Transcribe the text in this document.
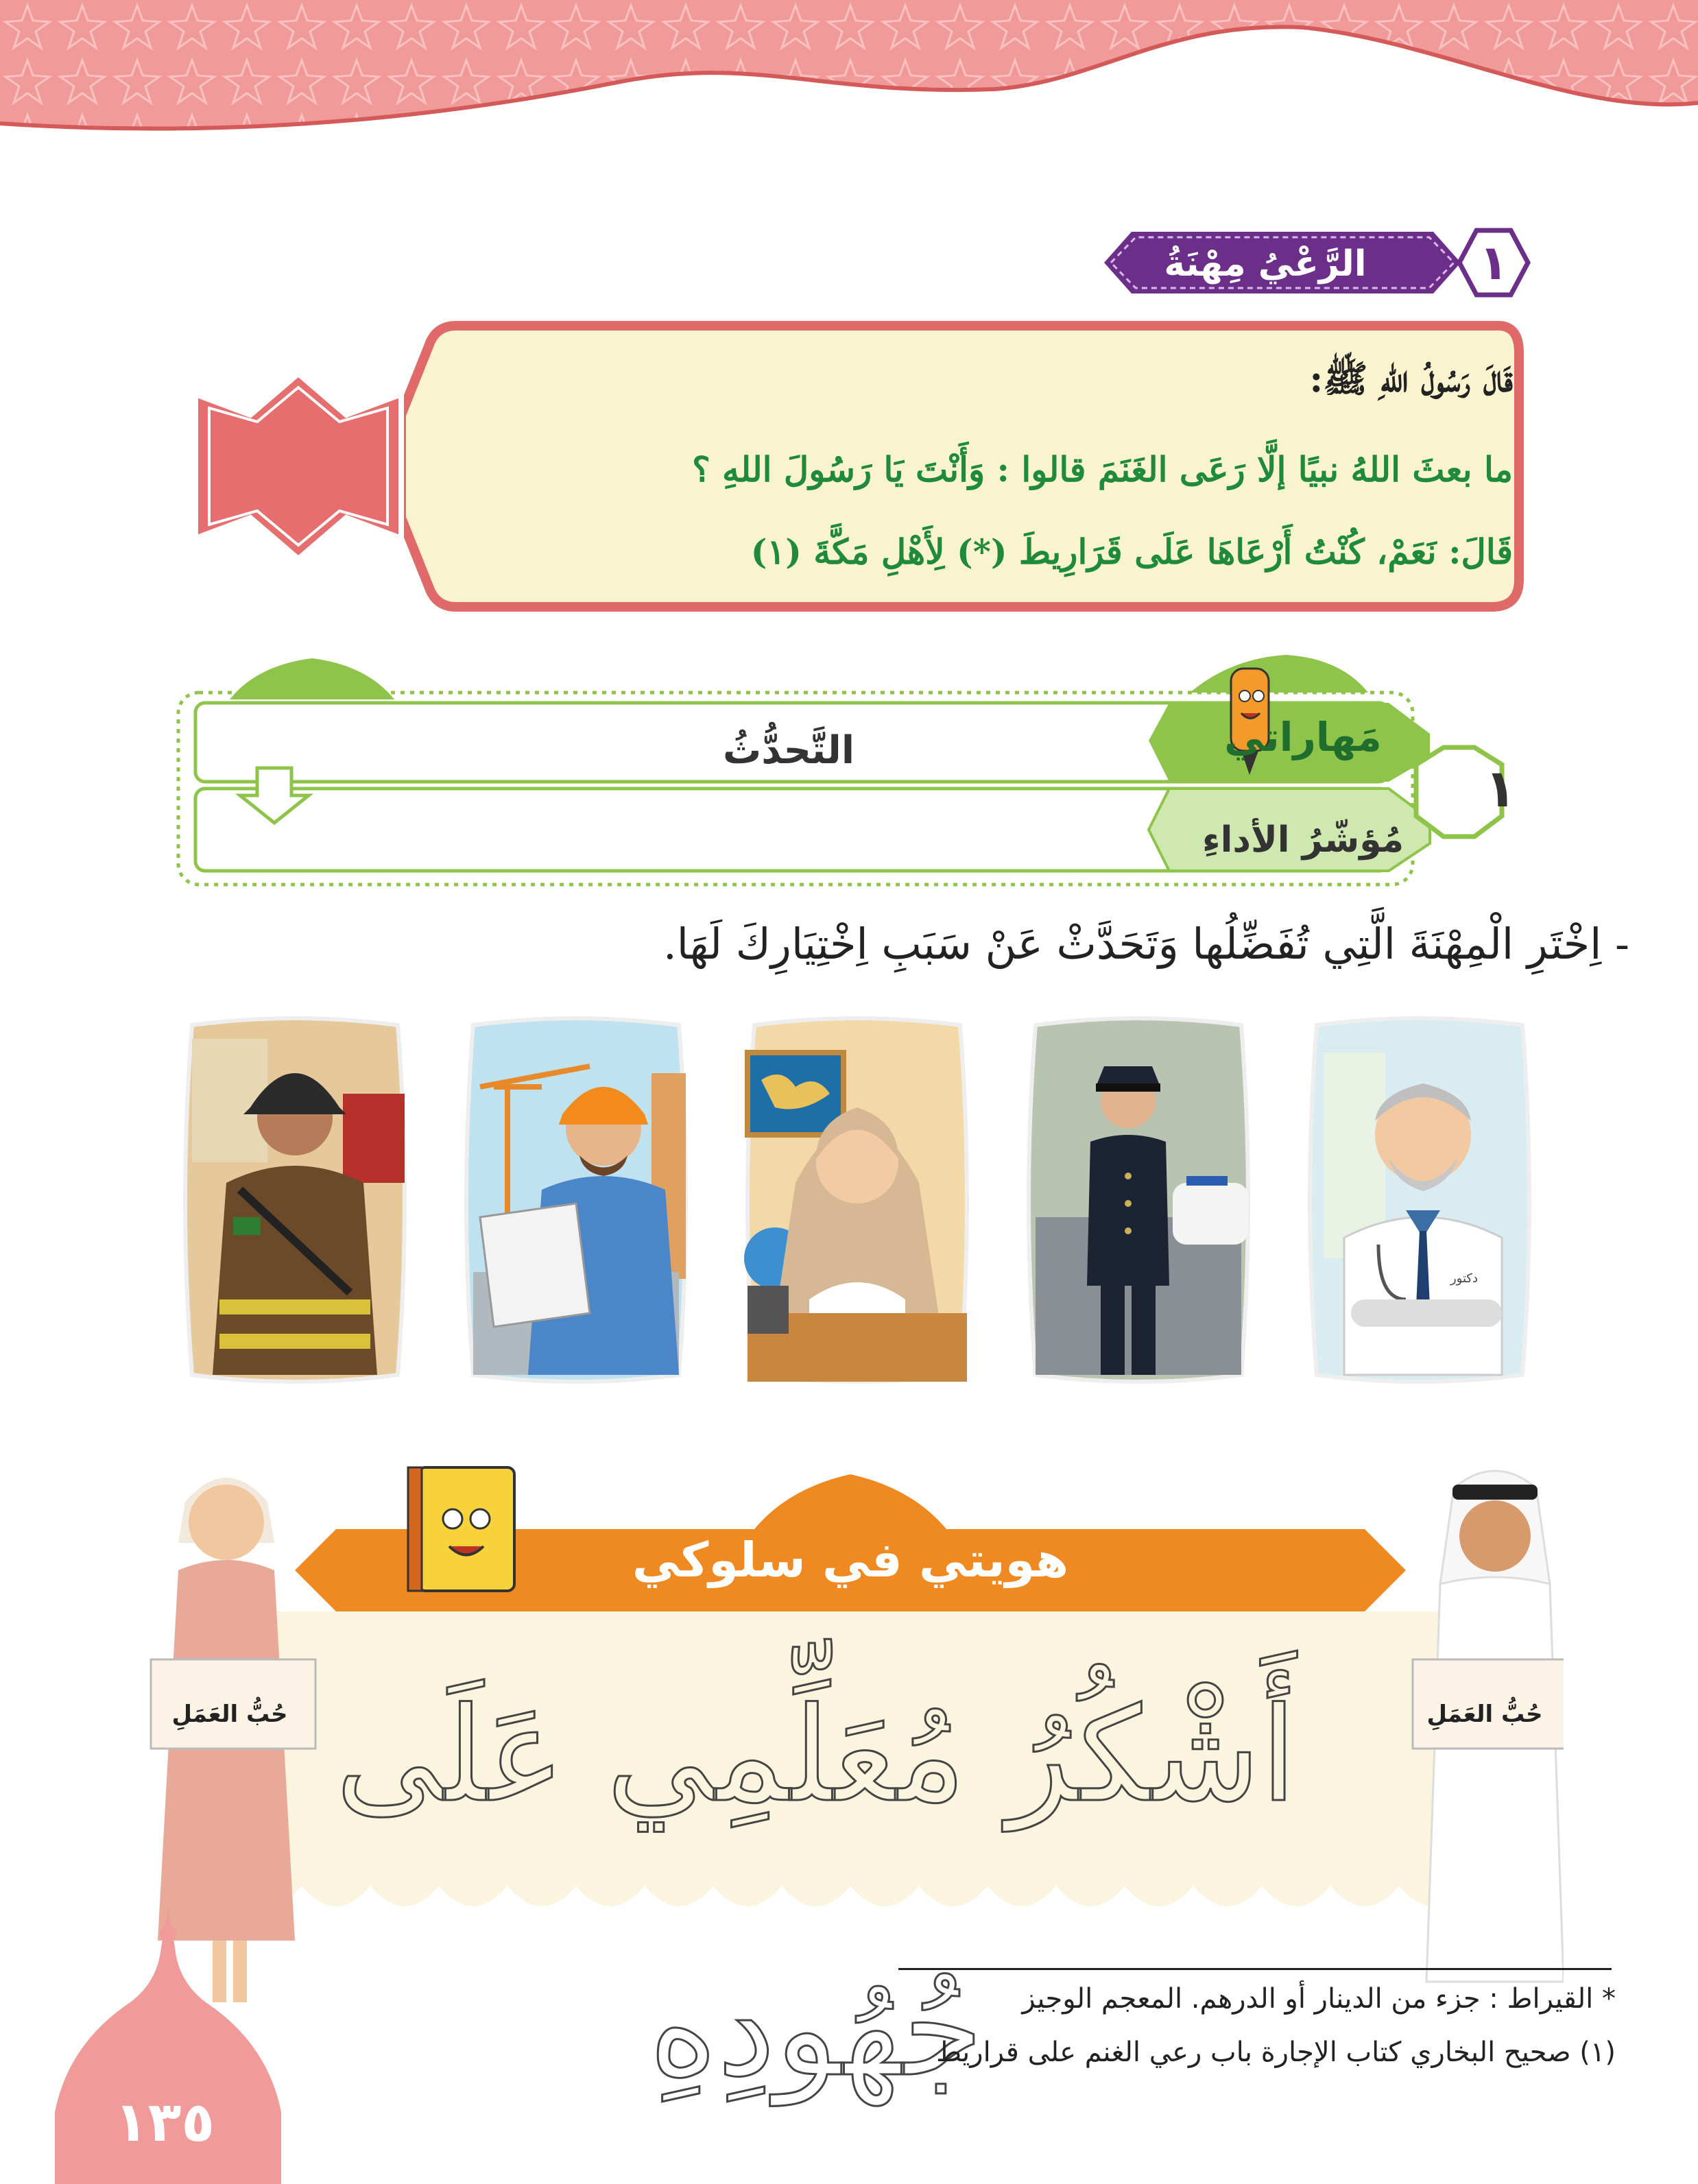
الرَّعْيُ مِهْنَةُ	١
قَالَ رَسُولُ اللهِ ﷺ:
ما بعثَ اللهُ نبيًا إلَّا رَعَى الغَنَمَ قالوا : وَأَنْتَ يَا رَسُولَ اللهِ ؟
قَالَ: نَعَمْ، كُنْتُ أَرْعَاهَا عَلَى قَرَارِيطَ (*) لِأَهْلِ مَكَّةَ (١)
مَهاراتي
التَّحدُّثُ
مُؤشّرُ الأداءِ
١
- اِخْتَرِ الْمِهْنَةَ الَّتِي تُفَضِّلُها وَتَحَدَّثْ عَنْ سَبَبِ اِخْتِيَارِكَ لَهَا.
دكتور
هويتي في سلوكي
أَشْكُرُ مُعَلِّمِي عَلَى جُهُودِهِ
حُبُّ العَمَلِ
حُبُّ العَمَلِ
* القيراط : جزء من الدينار أو الدرهم. المعجم الوجيز
(١) صحيح البخاري كتاب الإجارة باب رعي الغنم على قراريط
١٣٥
